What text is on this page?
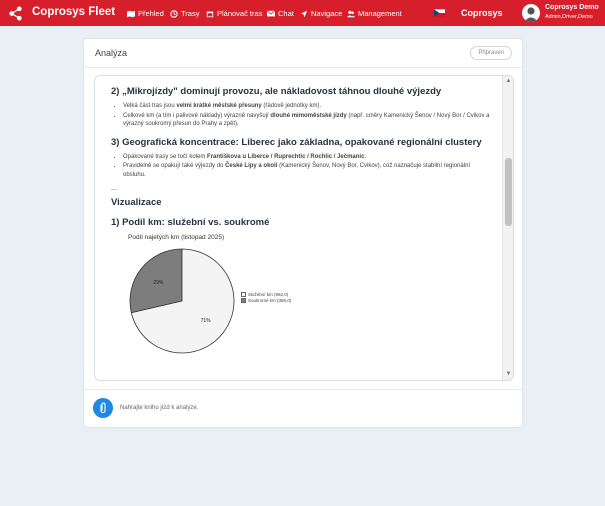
Coprosys Fleet	Přehled Trasy Plánovač tras Chat Navigace Management	Coprosys
Coprosys Demo
Admin,Driver,Demo
Analýza	Připraven
2) „Mikrojízdy" dominují provozu, ale nákladovost táhnou dlouhé výjezdy
• Velká část tras jsou velmi krátké městské přesuny (řádově jednotky km).
• Celkové km (a tím i palivové náklady) výrazně navyšují dlouhé mimoměstské jízdy (např. směry Kamenický Šenov / Nový Bor / Cvikov a výrazný soukromý přesun do Prahy a zpět).
3) Geografická koncentrace: Liberec jako základna, opakované regionální clustery
• Opakované trasy se točí kolem Františkova u Liberce / Ruprechtic / Rochlic / Ječmanic.
• Pravidelně se opakují také výjezdy do České Lípy a okolí (Kamenický Šenov, Nový Bor, Cvikov), což naznačuje stabilní regionální obsluhu.
---
Vizualizace
1) Podíl km: služební vs. soukromé
Podíl najetých km (listopad 2025)
29%
71%
Služební km (962,0)
Soukromé km (386,0)
▲
▼
Nahrajte knihu jízd k analýze.
